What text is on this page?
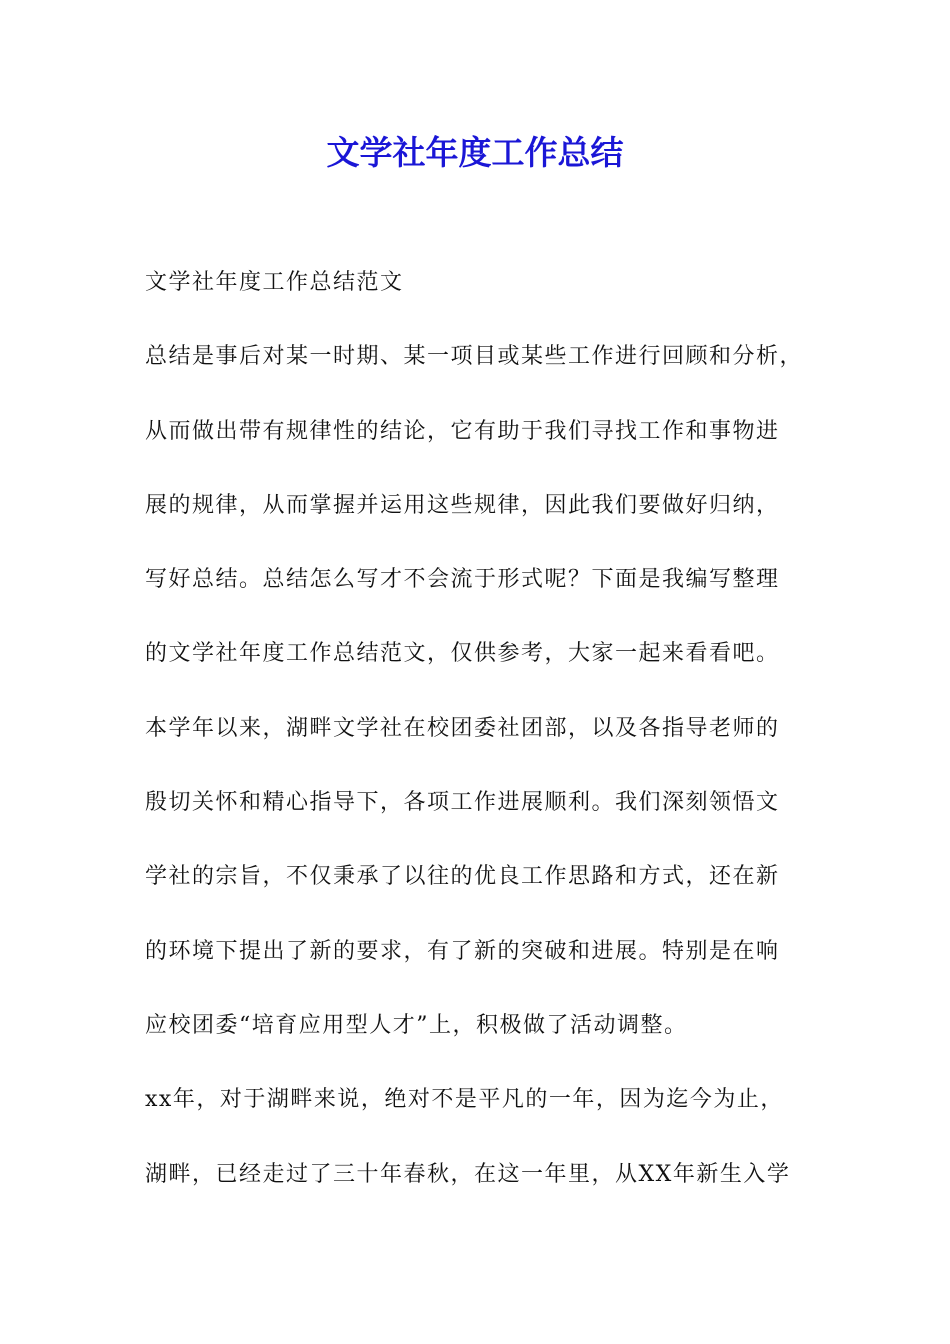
文学社年度工作总结

文学社年度工作总结范文

总结是事后对某一时期、某一项目或某些工作进行回顾和分析，

从而做出带有规律性的结论，它有助于我们寻找工作和事物进

展的规律，从而掌握并运用这些规律，因此我们要做好归纳，

写好总结。总结怎么写才不会流于形式呢？下面是我编写整理

的文学社年度工作总结范文，仅供参考，大家一起来看看吧。

本学年以来，湖畔文学社在校团委社团部，以及各指导老师的

殷切关怀和精心指导下，各项工作进展顺利。我们深刻领悟文

学社的宗旨，不仅秉承了以往的优良工作思路和方式，还在新

的环境下提出了新的要求，有了新的突破和进展。特别是在响

应校团委“培育应用型人才”上，积极做了活动调整。

xx年，对于湖畔来说，绝对不是平凡的一年，因为迄今为止，

湖畔，已经走过了三十年春秋，在这一年里，从XX年新生入学
